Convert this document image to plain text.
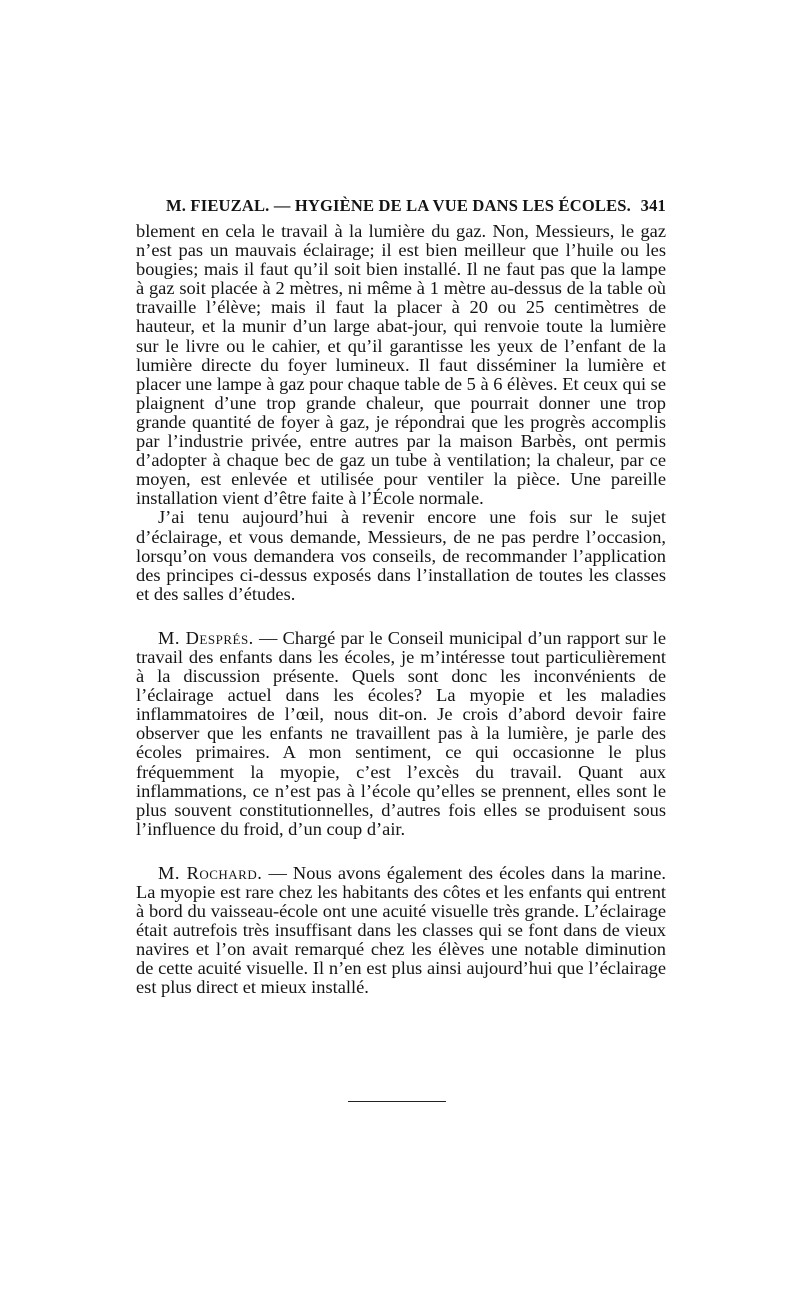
M. FIEUZAL. — HYGIÈNE DE LA VUE DANS LES ÉCOLES. 341

blement en cela le travail à la lumière du gaz. Non, Messieurs, le gaz n’est pas un mauvais éclairage; il est bien meilleur que l’huile ou les bougies; mais il faut qu’il soit bien installé. Il ne faut pas que la lampe à gaz soit placée à 2 mètres, ni même à 1 mètre au-dessus de la table où travaille l’élève; mais il faut la placer à 20 ou 25 centimètres de hauteur, et la munir d’un large abat-jour, qui renvoie toute la lumière sur le livre ou le cahier, et qu’il garantisse les yeux de l’enfant de la lumière directe du foyer lumineux. Il faut disséminer la lumière et placer une lampe à gaz pour chaque table de 5 à 6 élèves. Et ceux qui se plaignent d’une trop grande chaleur, que pourrait donner une trop grande quantité de foyer à gaz, je répondrai que les progrès accomplis par l’industrie privée, entre autres par la maison Barbès, ont permis d’adopter à chaque bec de gaz un tube à ventilation; la chaleur, par ce moyen, est enlevée et utilisée pour ventiler la pièce. Une pareille installation vient d’être faite à l’École normale.

J’ai tenu aujourd’hui à revenir encore une fois sur le sujet d’éclairage, et vous demande, Messieurs, de ne pas perdre l’occasion, lorsqu’on vous demandera vos conseils, de recommander l’application des principes ci-dessus exposés dans l’installation de toutes les classes et des salles d’études.

M. Després. — Chargé par le Conseil municipal d’un rapport sur le travail des enfants dans les écoles, je m’intéresse tout particulièrement à la discussion présente. Quels sont donc les inconvénients de l’éclairage actuel dans les écoles? La myopie et les maladies inflammatoires de l’œil, nous dit-on. Je crois d’abord devoir faire observer que les enfants ne travaillent pas à la lumière, je parle des écoles primaires. A mon sentiment, ce qui occasionne le plus fréquemment la myopie, c’est l’excès du travail. Quant aux inflammations, ce n’est pas à l’école qu’elles se prennent, elles sont le plus souvent constitutionnelles, d’autres fois elles se produisent sous l’influence du froid, d’un coup d’air.

M. Rochard. — Nous avons également des écoles dans la marine. La myopie est rare chez les habitants des côtes et les enfants qui entrent à bord du vaisseau-école ont une acuité visuelle très grande. L’éclairage était autrefois très insuffisant dans les classes qui se font dans de vieux navires et l’on avait remarqué chez les élèves une notable diminution de cette acuité visuelle. Il n’en est plus ainsi aujourd’hui que l’éclairage est plus direct et mieux installé.
